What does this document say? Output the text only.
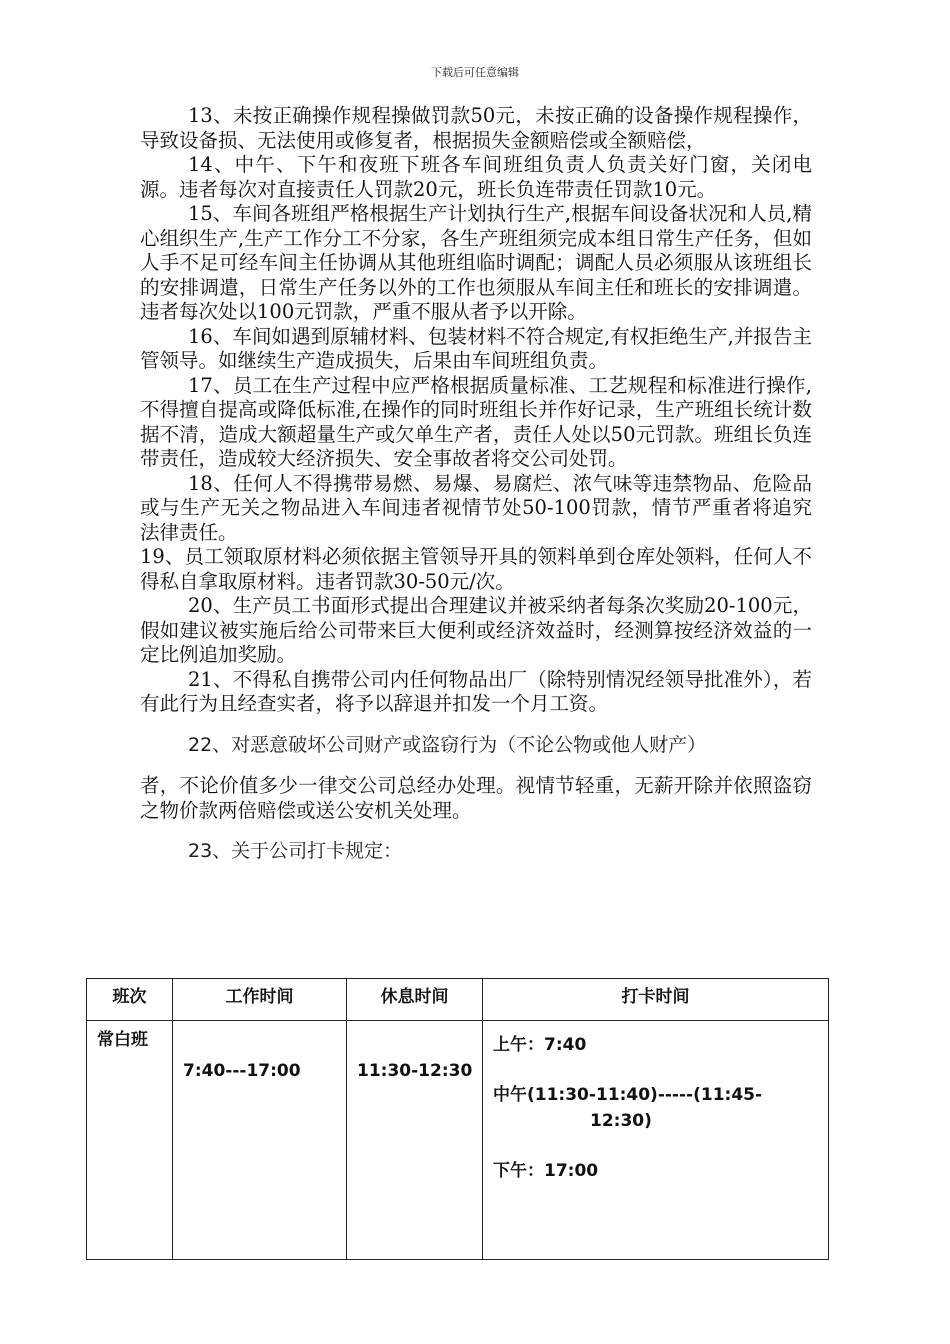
下载后可任意编辑

13、未按正确操作规程操做罚款50元，未按正确的设备操作规程操作，导致设备损、无法使用或修复者，根据损失金额赔偿或全额赔偿，

14、中午、下午和夜班下班各车间班组负责人负责关好门窗，关闭电源。违者每次对直接责任人罚款20元，班长负连带责任罚款10元。

15、车间各班组严格根据生产计划执行生产,根据车间设备状况和人员,精心组织生产,生产工作分工不分家，各生产班组须完成本组日常生产任务，但如人手不足可经车间主任协调从其他班组临时调配；调配人员必须服从该班组长的安排调遣，日常生产任务以外的工作也须服从车间主任和班长的安排调遣。违者每次处以100元罚款，严重不服从者予以开除。

16、车间如遇到原辅材料、包装材料不符合规定,有权拒绝生产,并报告主管领导。如继续生产造成损失，后果由车间班组负责。

17、员工在生产过程中应严格根据质量标准、工艺规程和标准进行操作,不得擅自提高或降低标准,在操作的同时班组长并作好记录，生产班组长统计数据不清，造成大额超量生产或欠单生产者，责任人处以50元罚款。班组长负连带责任，造成较大经济损失、安全事故者将交公司处罚。

18、任何人不得携带易燃、易爆、易腐烂、浓气味等违禁物品、危险品或与生产无关之物品进入车间违者视情节处50-100罚款，情节严重者将追究法律责任。

19、员工领取原材料必须依据主管领导开具的领料单到仓库处领料，任何人不得私自拿取原材料。违者罚款30-50元/次。

20、生产员工书面形式提出合理建议并被采纳者每条次奖励20-100元，假如建议被实施后给公司带来巨大便利或经济效益时，经测算按经济效益的一定比例追加奖励。

21、不得私自携带公司内任何物品出厂（除特别情况经领导批准外），若有此行为且经查实者，将予以辞退并扣发一个月工资。

22、对恶意破坏公司财产或盗窃行为（不论公物或他人财产）

者，不论价值多少一律交公司总经办处理。视情节轻重，无薪开除并依照盗窃之物价款两倍赔偿或送公安机关处理。

23、关于公司打卡规定：

班次	工作时间	休息时间	打卡时间
常白班	7:40---17:00	11:30-12:30	上午：7:40
中午(11:30-11:40)-----(11:45-
12:30)
下午：17:00
